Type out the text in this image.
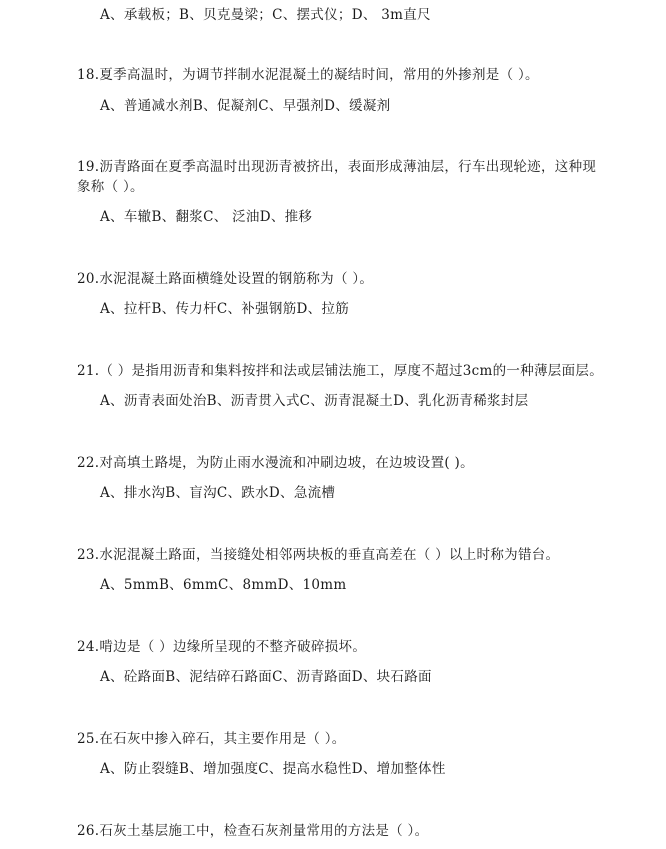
A、承载板；B、贝克曼梁；C、摆式仪；D、 3m直尺
18.夏季高温时，为调节拌制水泥混凝土的凝结时间，常用的外掺剂是（ ）。
A、普通减水剂B、促凝剂C、早强剂D、缓凝剂
19.沥青路面在夏季高温时出现沥青被挤出，表面形成薄油层，行车出现轮迹，这种现
象称（ ）。
A、车辙B、翻浆C、 泛油D、推移
20.水泥混凝土路面横缝处设置的钢筋称为（ ）。
A、拉杆B、传力杆C、补强钢筋D、拉筋
21.（ ）是指用沥青和集料按拌和法或层铺法施工，厚度不超过3cm的一种薄层面层。
A、沥青表面处治B、沥青贯入式C、沥青混凝土D、乳化沥青稀浆封层
22.对高填土路堤，为防止雨水漫流和冲刷边坡，在边坡设置( )。
A、排水沟B、盲沟C、跌水D、急流槽
23.水泥混凝土路面，当接缝处相邻两块板的垂直高差在（ ）以上时称为错台。
A、5mmB、6mmC、8mmD、10mm
24.啃边是（ ）边缘所呈现的不整齐破碎损坏。
A、砼路面B、泥结碎石路面C、沥青路面D、块石路面
25.在石灰中掺入碎石，其主要作用是（ ）。
A、防止裂缝B、增加强度C、提高水稳性D、增加整体性
26.石灰土基层施工中，检查石灰剂量常用的方法是（ ）。
